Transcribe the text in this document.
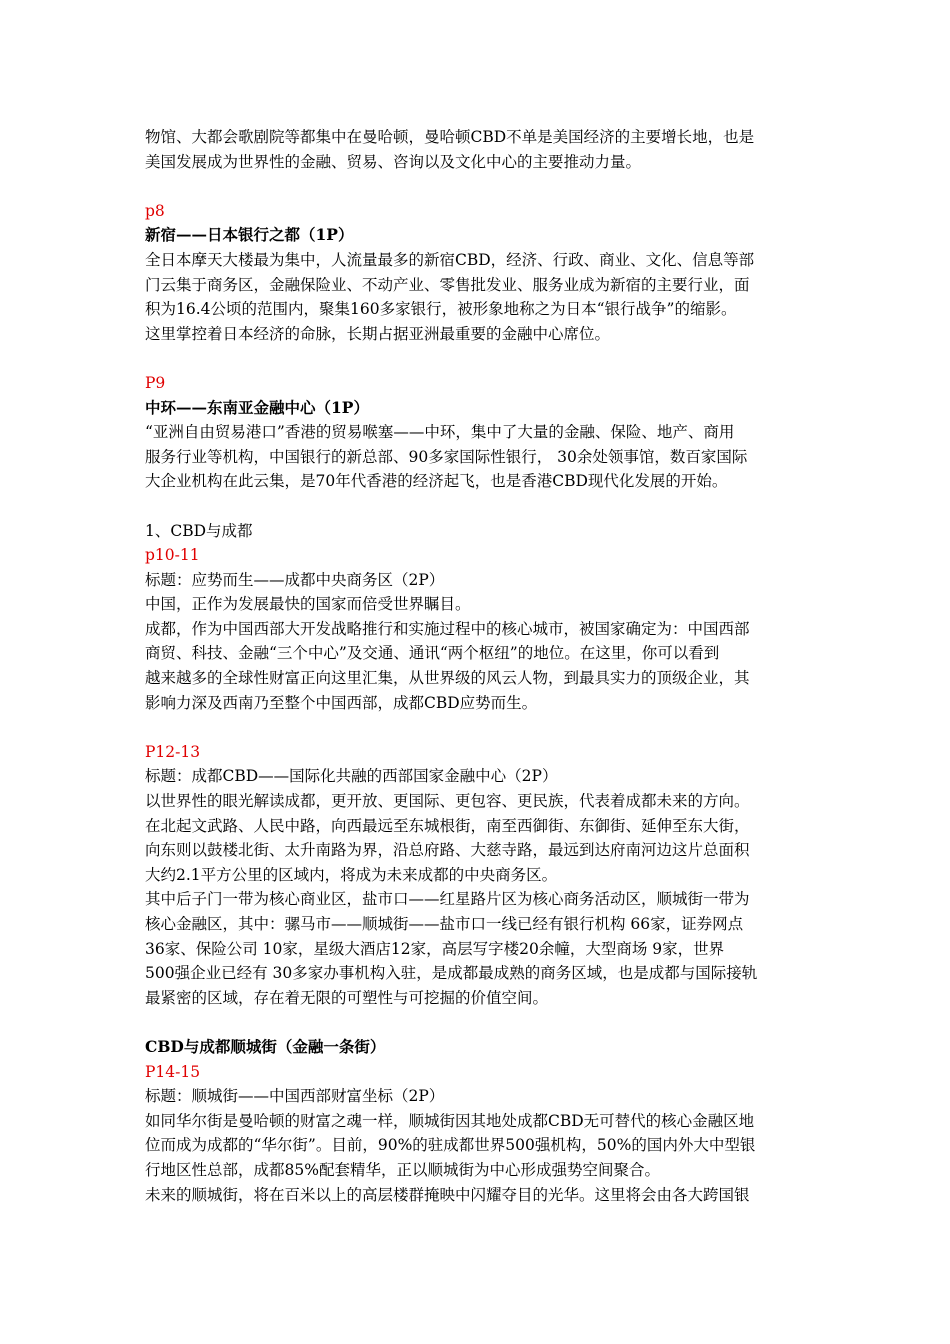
物馆、大都会歌剧院等都集中在曼哈顿，曼哈顿CBD不单是美国经济的主要增长地，也是
美国发展成为世界性的金融、贸易、咨询以及文化中心的主要推动力量。
p8
新宿——日本银行之都（1P）
全日本摩天大楼最为集中，人流量最多的新宿CBD，经济、行政、商业、文化、信息等部
门云集于商务区，金融保险业、不动产业、零售批发业、服务业成为新宿的主要行业，面
积为16.4公顷的范围内，聚集160多家银行，被形象地称之为日本“银行战争”的缩影。
这里掌控着日本经济的命脉，长期占据亚洲最重要的金融中心席位。
P9
中环——东南亚金融中心（1P）
“亚洲自由贸易港口”香港的贸易喉塞——中环，集中了大量的金融、保险、地产、商用
服务行业等机构，中国银行的新总部、90多家国际性银行， 30余处领事馆，数百家国际
大企业机构在此云集，是70年代香港的经济起飞，也是香港CBD现代化发展的开始。
1、CBD与成都
p10-11
标题：应势而生——成都中央商务区（2P）
中国，正作为发展最快的国家而倍受世界瞩目。
成都，作为中国西部大开发战略推行和实施过程中的核心城市，被国家确定为：中国西部
商贸、科技、金融“三个中心”及交通、通讯“两个枢纽”的地位。在这里，你可以看到
越来越多的全球性财富正向这里汇集，从世界级的风云人物，到最具实力的顶级企业，其
影响力深及西南乃至整个中国西部，成都CBD应势而生。
P12-13
标题：成都CBD——国际化共融的西部国家金融中心（2P）
以世界性的眼光解读成都，更开放、更国际、更包容、更民族，代表着成都未来的方向。
在北起文武路、人民中路，向西最远至东城根街，南至西御街、东御街、延伸至东大街，
向东则以鼓楼北街、太升南路为界，沿总府路、大慈寺路，最远到达府南河边这片总面积
大约2.1平方公里的区域内，将成为未来成都的中央商务区。
其中后子门一带为核心商业区，盐市口——红星路片区为核心商务活动区，顺城街一带为
核心金融区，其中：骡马市——顺城街——盐市口一线已经有银行机构 66家，证券网点
36家、保险公司 10家，星级大酒店12家，高层写字楼20余幢，大型商场 9家，世界
500强企业已经有 30多家办事机构入驻，是成都最成熟的商务区域，也是成都与国际接轨
最紧密的区域，存在着无限的可塑性与可挖掘的价值空间。
CBD与成都顺城街（金融一条街）
P14-15
标题：顺城街——中国西部财富坐标（2P）
如同华尔街是曼哈顿的财富之魂一样，顺城街因其地处成都CBD无可替代的核心金融区地
位而成为成都的“华尔街”。目前，90%的驻成都世界500强机构，50%的国内外大中型银
行地区性总部，成都85%配套精华，正以顺城街为中心形成强势空间聚合。
未来的顺城街，将在百米以上的高层楼群掩映中闪耀夺目的光华。这里将会由各大跨国银
